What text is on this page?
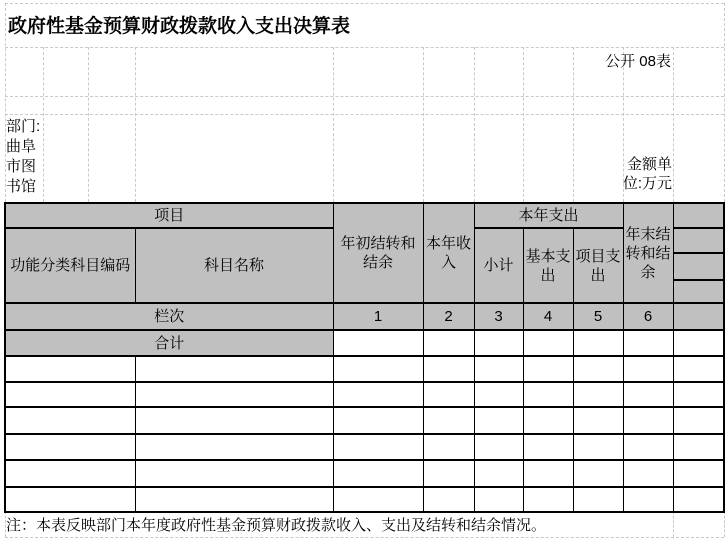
政府性基金预算财政拨款收入支出决算表
公开 08表
部门:曲阜市图书馆
金额单位:万元
项目		年初结转和结余	本年收入	本年支出			年末结转和结余	
功能分类科目编码	科目名称			小计	基本支出	项目支出		

栏次		1	2	3	4	5	6	
合计								

注：本表反映部门本年度政府性基金预算财政拨款收入、支出及结转和结余情况。
